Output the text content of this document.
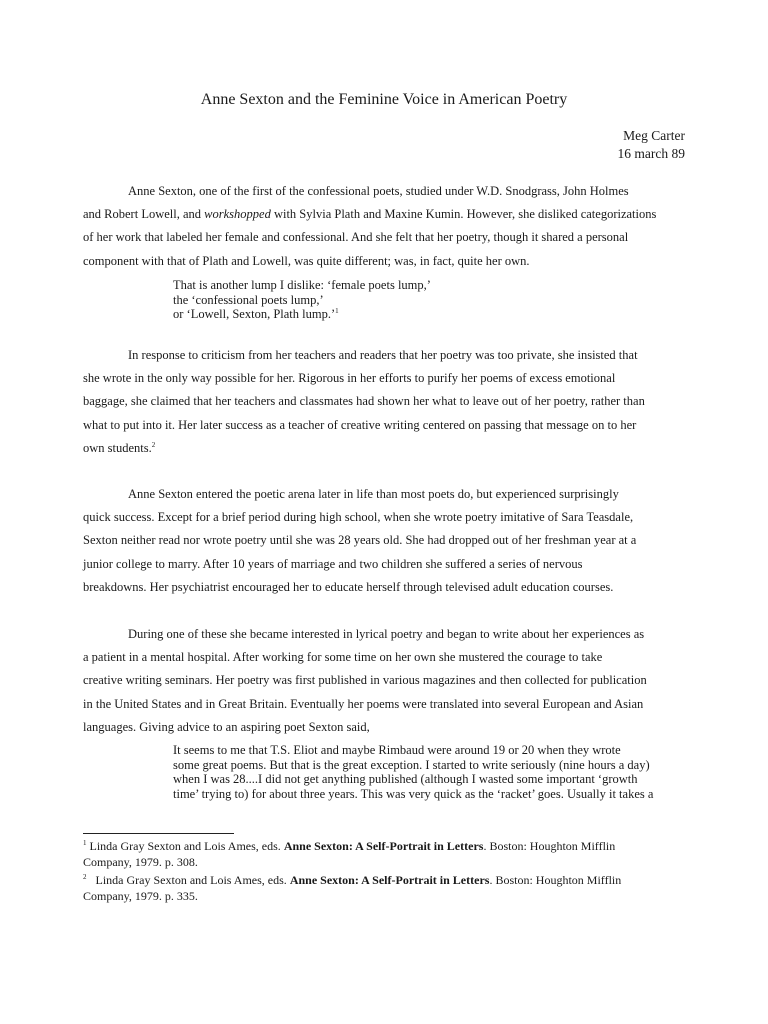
Anne Sexton and the Feminine Voice in American Poetry
Meg Carter
16 march 89
Anne Sexton, one of the first of the confessional poets, studied under W.D. Snodgrass, John Holmes
and Robert Lowell, and workshopped with Sylvia Plath and Maxine Kumin. However, she disliked categorizations
of her work that labeled her female and confessional. And she felt that her poetry, though it shared a personal
component with that of Plath and Lowell, was quite different; was, in fact, quite her own.
That is another lump I dislike: ‘female poets lump,’
the ‘confessional poets lump,’
or ‘Lowell, Sexton, Plath lump.’$^1$
In response to criticism from her teachers and readers that her poetry was too private, she insisted that
she wrote in the only way possible for her. Rigorous in her efforts to purify her poems of excess emotional
baggage, she claimed that her teachers and classmates had shown her what to leave out of her poetry, rather than
what to put into it. Her later success as a teacher of creative writing centered on passing that message on to her
own students.$^2$
Anne Sexton entered the poetic arena later in life than most poets do, but experienced surprisingly
quick success. Except for a brief period during high school, when she wrote poetry imitative of Sara Teasdale,
Sexton neither read nor wrote poetry until she was 28 years old. She had dropped out of her freshman year at a
junior college to marry. After 10 years of marriage and two children she suffered a series of nervous
breakdowns. Her psychiatrist encouraged her to educate herself through televised adult education courses.
During one of these she became interested in lyrical poetry and began to write about her experiences as
a patient in a mental hospital. After working for some time on her own she mustered the courage to take
creative writing seminars. Her poetry was first published in various magazines and then collected for publication
in the United States and in Great Britain. Eventually her poems were translated into several European and Asian
languages. Giving advice to an aspiring poet Sexton said,
It seems to me that T.S. Eliot and maybe Rimbaud were around 19 or 20 when they wrote
some great poems. But that is the great exception. I started to write seriously (nine hours a day)
when I was 28....I did not get anything published (although I wasted some important ‘growth
time’ trying to) for about three years. This was very quick as the ‘racket’ goes. Usually it takes a
$^1$ Linda Gray Sexton and Lois Ames, eds. Anne Sexton: A Self-Portrait in Letters. Boston: Houghton Mifflin
Company, 1979. p. 308.
$^2$   Linda Gray Sexton and Lois Ames, eds. Anne Sexton: A Self-Portrait in Letters. Boston: Houghton Mifflin
Company, 1979. p. 335.
